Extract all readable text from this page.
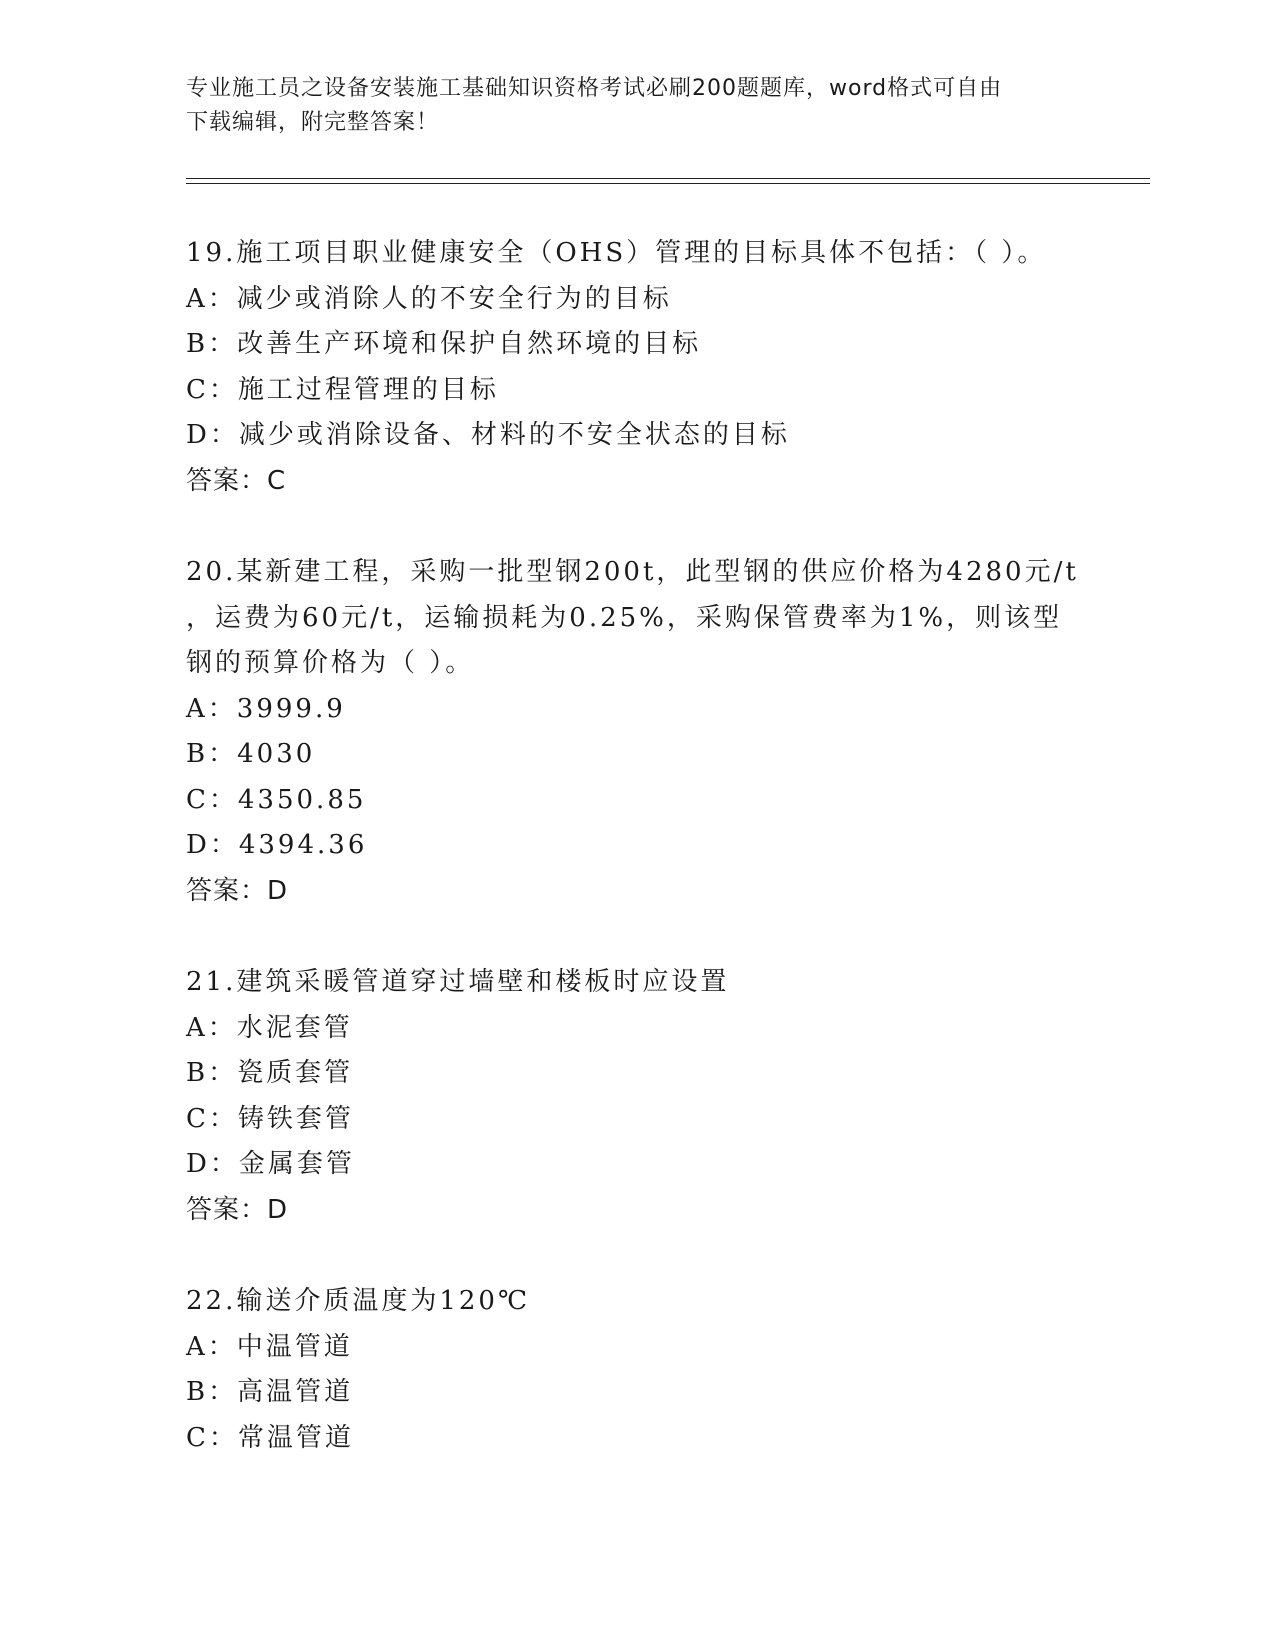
专业施工员之设备安装施工基础知识资格考试必刷200题题库，word格式可自由
下载编辑，附完整答案！
19.施工项目职业健康安全（OHS）管理的目标具体不包括：（ ）。
A：减少或消除人的不安全行为的目标
B：改善生产环境和保护自然环境的目标
C：施工过程管理的目标
D：减少或消除设备、材料的不安全状态的目标
答案：C
20.某新建工程，采购一批型钢200t，此型钢的供应价格为4280元/t
，运费为60元/t，运输损耗为0.25%，采购保管费率为1%，则该型
钢的预算价格为（ ）。
A：3999.9
B：4030
C：4350.85
D：4394.36
答案：D
21.建筑采暖管道穿过墙壁和楼板时应设置
A：水泥套管
B：瓷质套管
C：铸铁套管
D：金属套管
答案：D
22.输送介质温度为120℃
A：中温管道
B：高温管道
C：常温管道
